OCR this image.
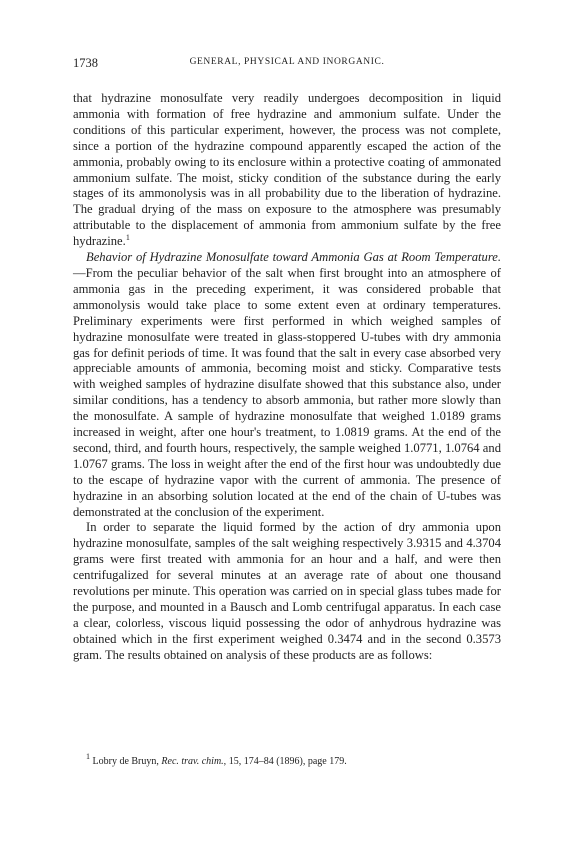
1738	GENERAL, PHYSICAL AND INORGANIC.

that hydrazine monosulfate very readily undergoes decomposition in liquid ammonia with formation of free hydrazine and ammonium sulfate. Under the conditions of this particular experiment, however, the process was not complete, since a portion of the hydrazine compound apparently escaped the action of the ammonia, probably owing to its enclosure within a protective coating of ammonated ammonium sulfate. The moist, sticky condition of the substance during the early stages of its ammonolysis was in all probability due to the liberation of hydrazine. The gradual drying of the mass on exposure to the atmosphere was presumably attributable to the displacement of ammonia from ammonium sulfate by the free hydrazine.$^1$

Behavior of Hydrazine Monosulfate toward Ammonia Gas at Room Temperature.—From the peculiar behavior of the salt when first brought into an atmosphere of ammonia gas in the preceding experiment, it was considered probable that ammonolysis would take place to some extent even at ordinary temperatures. Preliminary experiments were first performed in which weighed samples of hydrazine monosulfate were treated in glass-stoppered U-tubes with dry ammonia gas for definit periods of time. It was found that the salt in every case absorbed very appreciable amounts of ammonia, becoming moist and sticky. Comparative tests with weighed samples of hydrazine disulfate showed that this substance also, under similar conditions, has a tendency to absorb ammonia, but rather more slowly than the monosulfate. A sample of hydrazine monosulfate that weighed 1.0189 grams increased in weight, after one hour's treatment, to 1.0819 grams. At the end of the second, third, and fourth hours, respectively, the sample weighed 1.0771, 1.0764 and 1.0767 grams. The loss in weight after the end of the first hour was undoubtedly due to the escape of hydrazine vapor with the current of ammonia. The presence of hydrazine in an absorbing solution located at the end of the chain of U-tubes was demonstrated at the conclusion of the experiment.

In order to separate the liquid formed by the action of dry ammonia upon hydrazine monosulfate, samples of the salt weighing respectively 3.9315 and 4.3704 grams were first treated with ammonia for an hour and a half, and were then centrifugalized for several minutes at an average rate of about one thousand revolutions per minute. This operation was carried on in special glass tubes made for the purpose, and mounted in a Bausch and Lomb centrifugal apparatus. In each case a clear, colorless, viscous liquid possessing the odor of anhydrous hydrazine was obtained which in the first experiment weighed 0.3474 and in the second 0.3573 gram. The results obtained on analysis of these products are as follows:

$^1$ Lobry de Bruyn, Rec. trav. chim., 15, 174–84 (1896), page 179.
